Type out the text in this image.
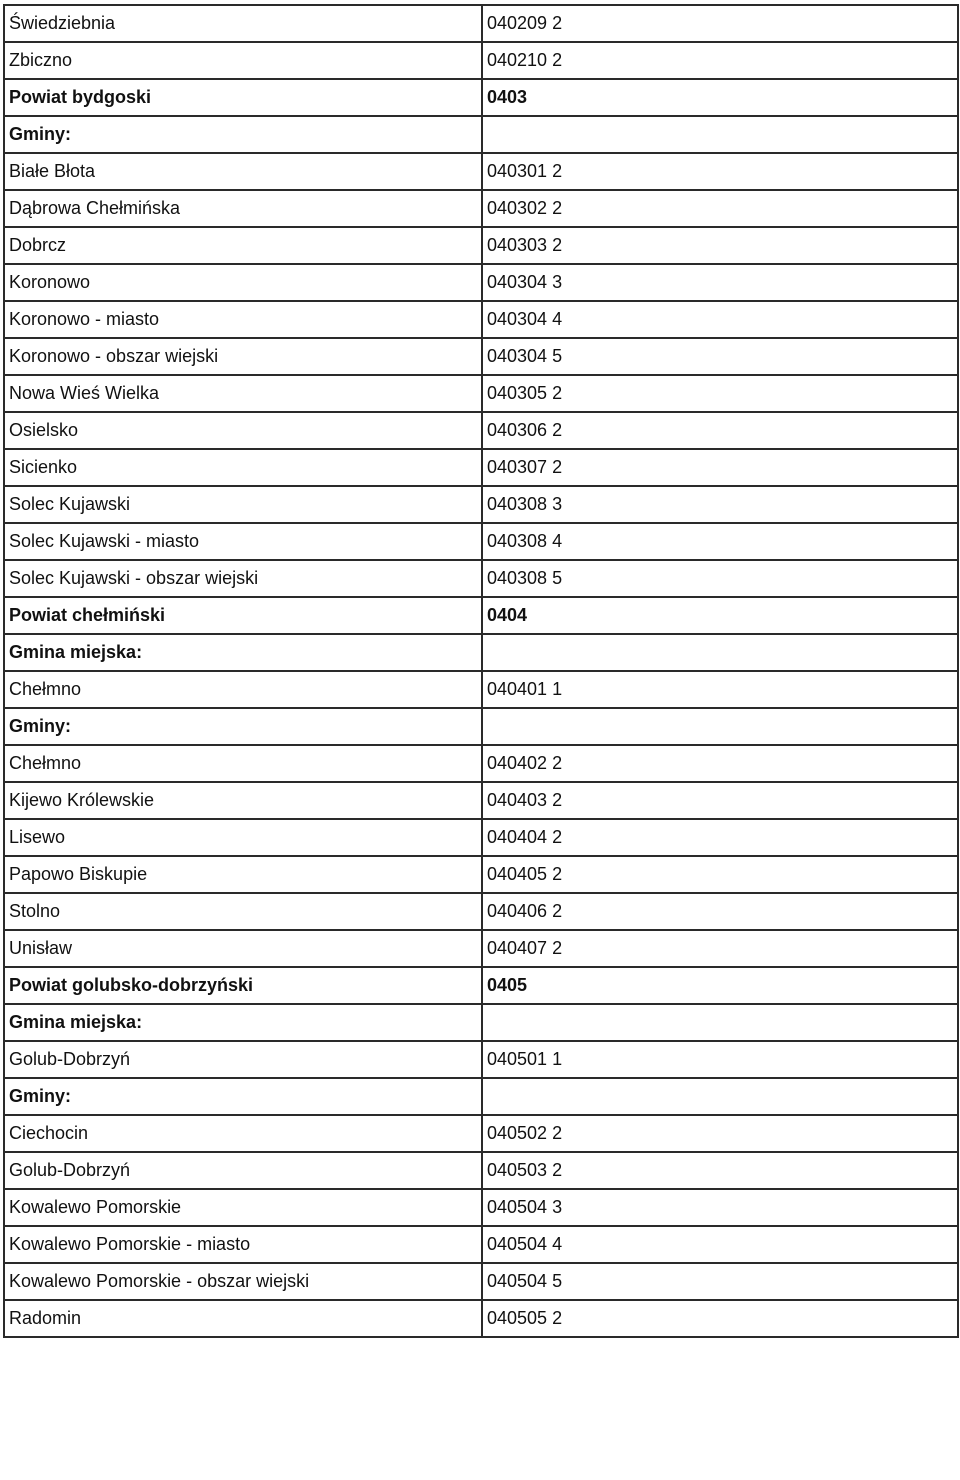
Świedziebnia	040209 2
Zbiczno	040210 2
Powiat bydgoski	0403
Gminy:	
Białe Błota	040301 2
Dąbrowa Chełmińska	040302 2
Dobrcz	040303 2
Koronowo	040304 3
Koronowo - miasto	040304 4
Koronowo - obszar wiejski	040304 5
Nowa Wieś Wielka	040305 2
Osielsko	040306 2
Sicienko	040307 2
Solec Kujawski	040308 3
Solec Kujawski - miasto	040308 4
Solec Kujawski - obszar wiejski	040308 5
Powiat chełmiński	0404
Gmina miejska:	
Chełmno	040401 1
Gminy:	
Chełmno	040402 2
Kijewo Królewskie	040403 2
Lisewo	040404 2
Papowo Biskupie	040405 2
Stolno	040406 2
Unisław	040407 2
Powiat golubsko-dobrzyński	0405
Gmina miejska:	
Golub-Dobrzyń	040501 1
Gminy:	
Ciechocin	040502 2
Golub-Dobrzyń	040503 2
Kowalewo Pomorskie	040504 3
Kowalewo Pomorskie - miasto	040504 4
Kowalewo Pomorskie - obszar wiejski	040504 5
Radomin	040505 2
